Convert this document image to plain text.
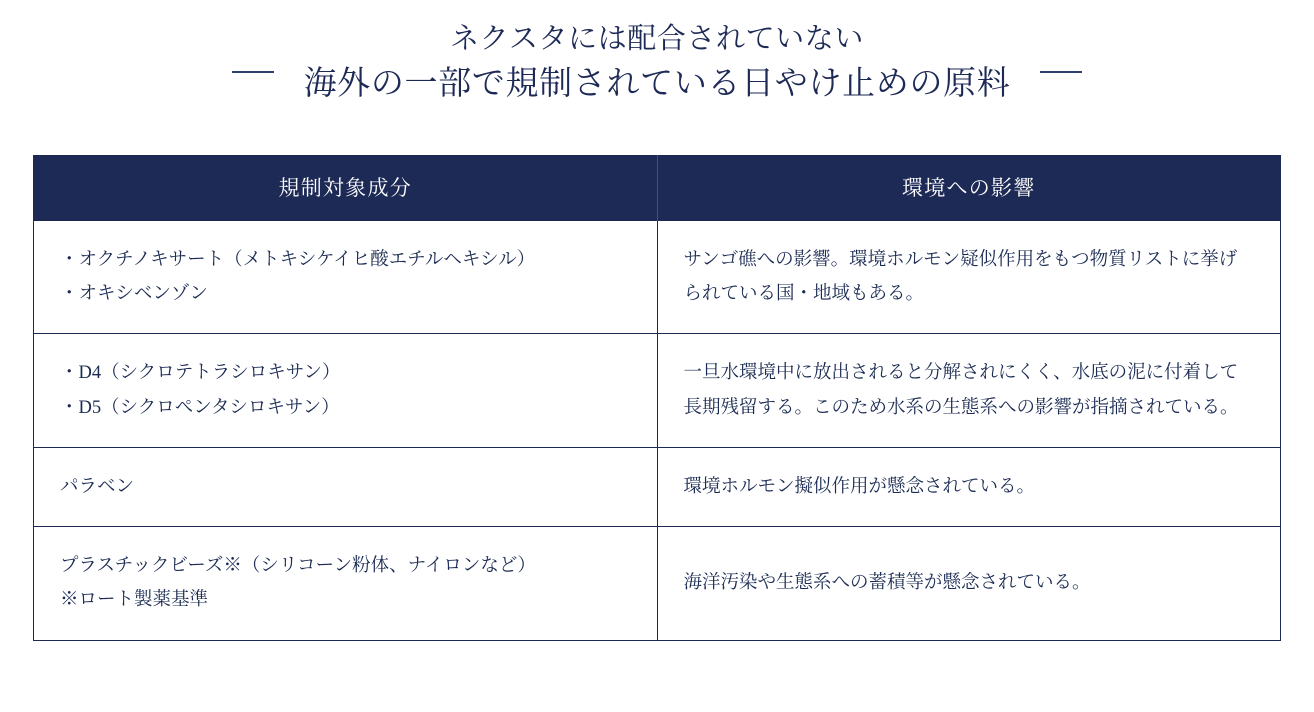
ネクスタには配合されていない
海外の一部で規制されている日やけ止めの原料
規制対象成分	環境への影響

・オクチノキサート（メトキシケイヒ酸エチルヘキシル）
・オキシベンゾン	サンゴ礁への影響。環境ホルモン疑似作用をもつ物質リストに挙げられている国・地域もある。

・D4（シクロテトラシロキサン）
・D5（シクロペンタシロキサン）	一旦水環境中に放出されると分解されにくく、水底の泥に付着して長期残留する。このため水系の生態系への影響が指摘されている。

パラベン	環境ホルモン擬似作用が懸念されている。

プラスチックビーズ※（シリコーン粉体、ナイロンなど）
※ロート製薬基準	海洋汚染や生態系への蓄積等が懸念されている。
